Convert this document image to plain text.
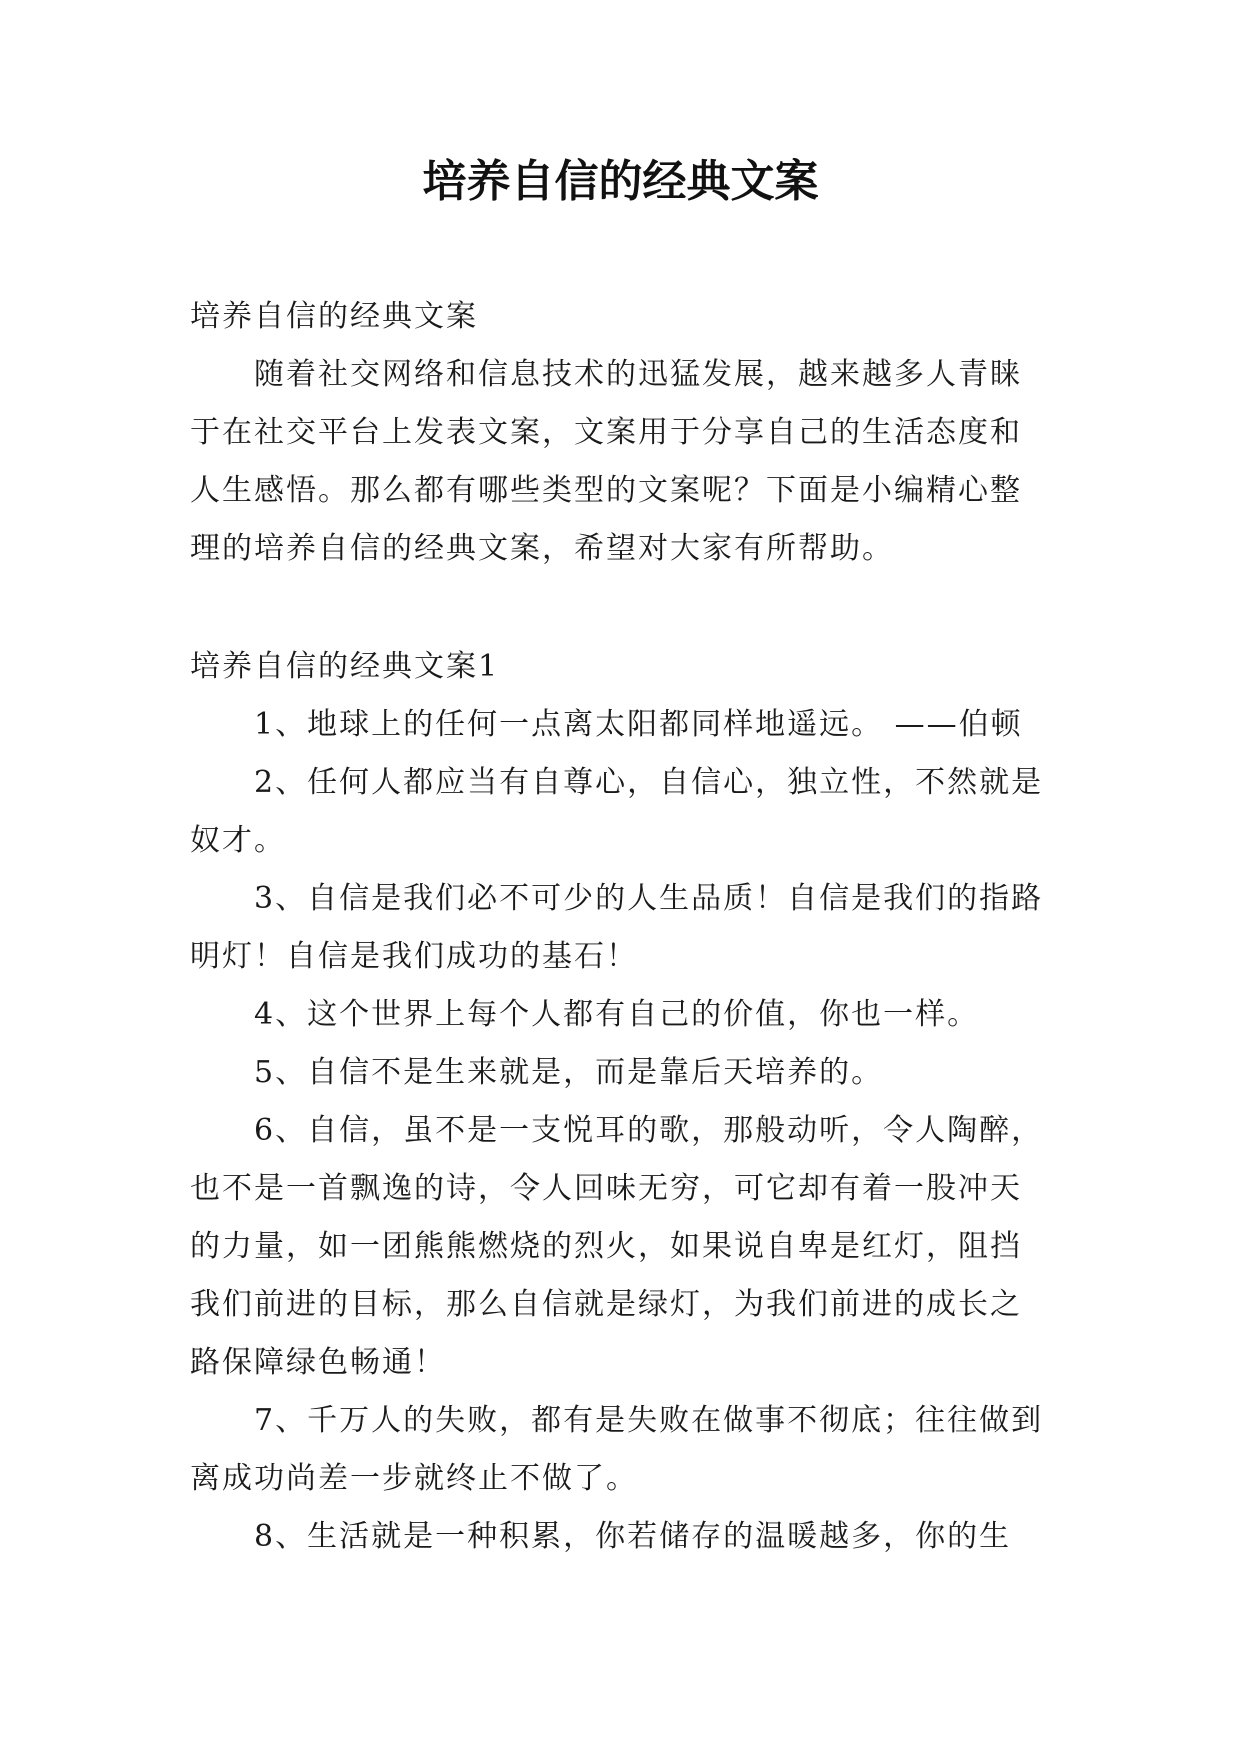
培养自信的经典文案

培养自信的经典文案

随着社交网络和信息技术的迅猛发展，越来越多人青睐于在社交平台上发表文案，文案用于分享自己的生活态度和人生感悟。那么都有哪些类型的文案呢？下面是小编精心整理的培养自信的经典文案，希望对大家有所帮助。

培养自信的经典文案1

1、地球上的任何一点离太阳都同样地遥远。 ——伯顿
2、任何人都应当有自尊心，自信心，独立性，不然就是奴才。
3、自信是我们必不可少的人生品质！自信是我们的指路明灯！自信是我们成功的基石！
4、这个世界上每个人都有自己的价值，你也一样。
5、自信不是生来就是，而是靠后天培养的。
6、自信，虽不是一支悦耳的歌，那般动听，令人陶醉，也不是一首飘逸的诗，令人回味无穷，可它却有着一股冲天的力量，如一团熊熊燃烧的烈火，如果说自卑是红灯，阻挡我们前进的目标，那么自信就是绿灯，为我们前进的成长之路保障绿色畅通！
7、千万人的失败，都有是失败在做事不彻底；往往做到离成功尚差一步就终止不做了。
8、生活就是一种积累，你若储存的温暖越多，你的生
